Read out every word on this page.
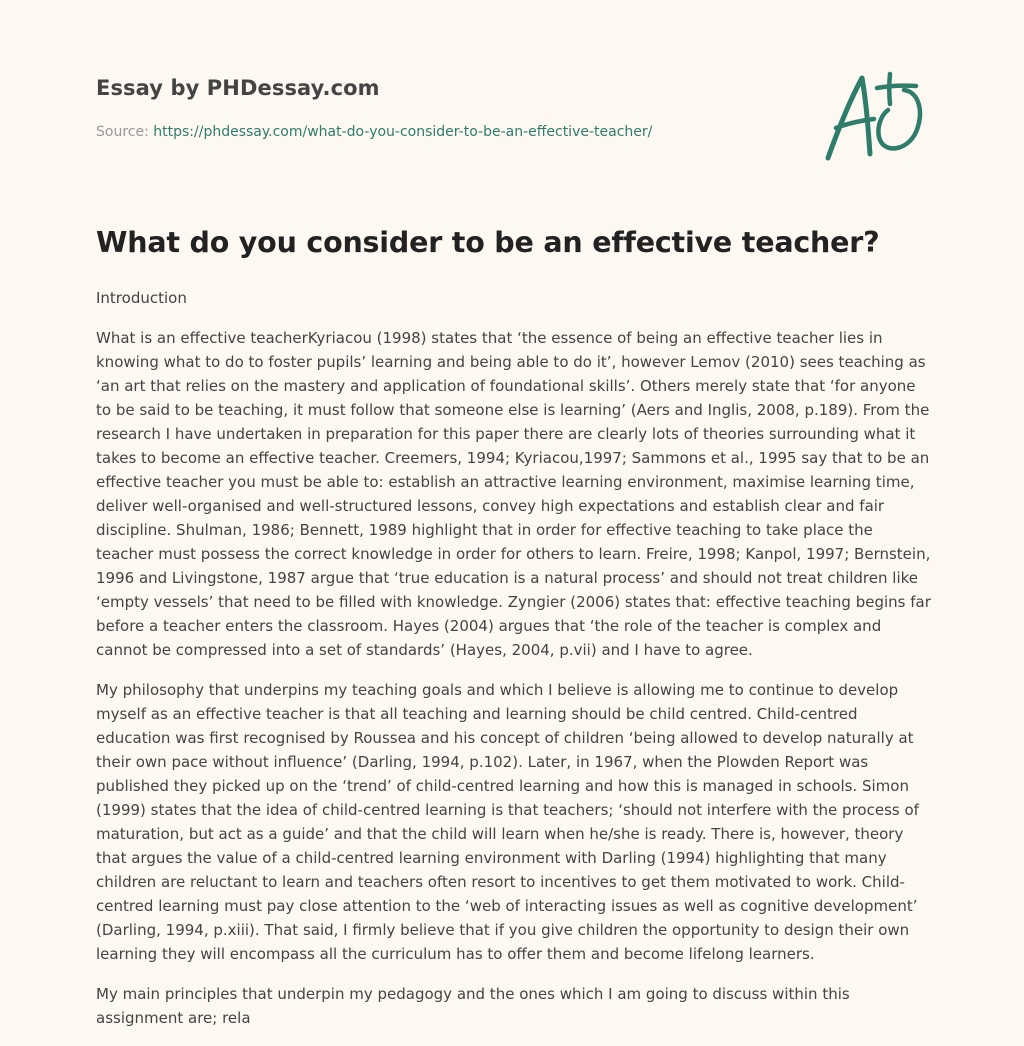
Essay by PHDessay.com
Source: https://phdessay.com/what-do-you-consider-to-be-an-effective-teacher/
What do you consider to be an effective teacher?

Introduction

What is an effective teacherKyriacou (1998) states that ‘the essence of being an effective teacher lies in knowing what to do to foster pupils’ learning and being able to do it’, however Lemov (2010) sees teaching as ‘an art that relies on the mastery and application of foundational skills’. Others merely state that ‘for anyone to be said to be teaching, it must follow that someone else is learning’ (Aers and Inglis, 2008, p.189). From the research I have undertaken in preparation for this paper there are clearly lots of theories surrounding what it takes to become an effective teacher. Creemers, 1994; Kyriacou,1997; Sammons et al., 1995 say that to be an effective teacher you must be able to: establish an attractive learning environment, maximise learning time, deliver well-organised and well-structured lessons, convey high expectations and establish clear and fair discipline. Shulman, 1986; Bennett, 1989 highlight that in order for effective teaching to take place the teacher must possess the correct knowledge in order for others to learn. Freire, 1998; Kanpol, 1997; Bernstein, 1996 and Livingstone, 1987 argue that ‘true education is a natural process’ and should not treat children like ‘empty vessels’ that need to be filled with knowledge. Zyngier (2006) states that: effective teaching begins far before a teacher enters the classroom. Hayes (2004) argues that ‘the role of the teacher is complex and cannot be compressed into a set of standards’ (Hayes, 2004, p.vii) and I have to agree.

My philosophy that underpins my teaching goals and which I believe is allowing me to continue to develop myself as an effective teacher is that all teaching and learning should be child centred. Child-centred education was first recognised by Roussea and his concept of children ‘being allowed to develop naturally at their own pace without influence’ (Darling, 1994, p.102). Later, in 1967, when the Plowden Report was published they picked up on the ‘trend’ of child-centred learning and how this is managed in schools. Simon (1999) states that the idea of child-centred learning is that teachers; ‘should not interfere with the process of maturation, but act as a guide’ and that the child will learn when he/she is ready. There is, however, theory that argues the value of a child-centred learning environment with Darling (1994) highlighting that many children are reluctant to learn and teachers often resort to incentives to get them motivated to work. Child-centred learning must pay close attention to the ‘web of interacting issues as well as cognitive development’ (Darling, 1994, p.xiii). That said, I firmly believe that if you give children the opportunity to design their own learning they will encompass all the curriculum has to offer them and become lifelong learners.

My main principles that underpin my pedagogy and the ones which I am going to discuss within this assignment are; rela
